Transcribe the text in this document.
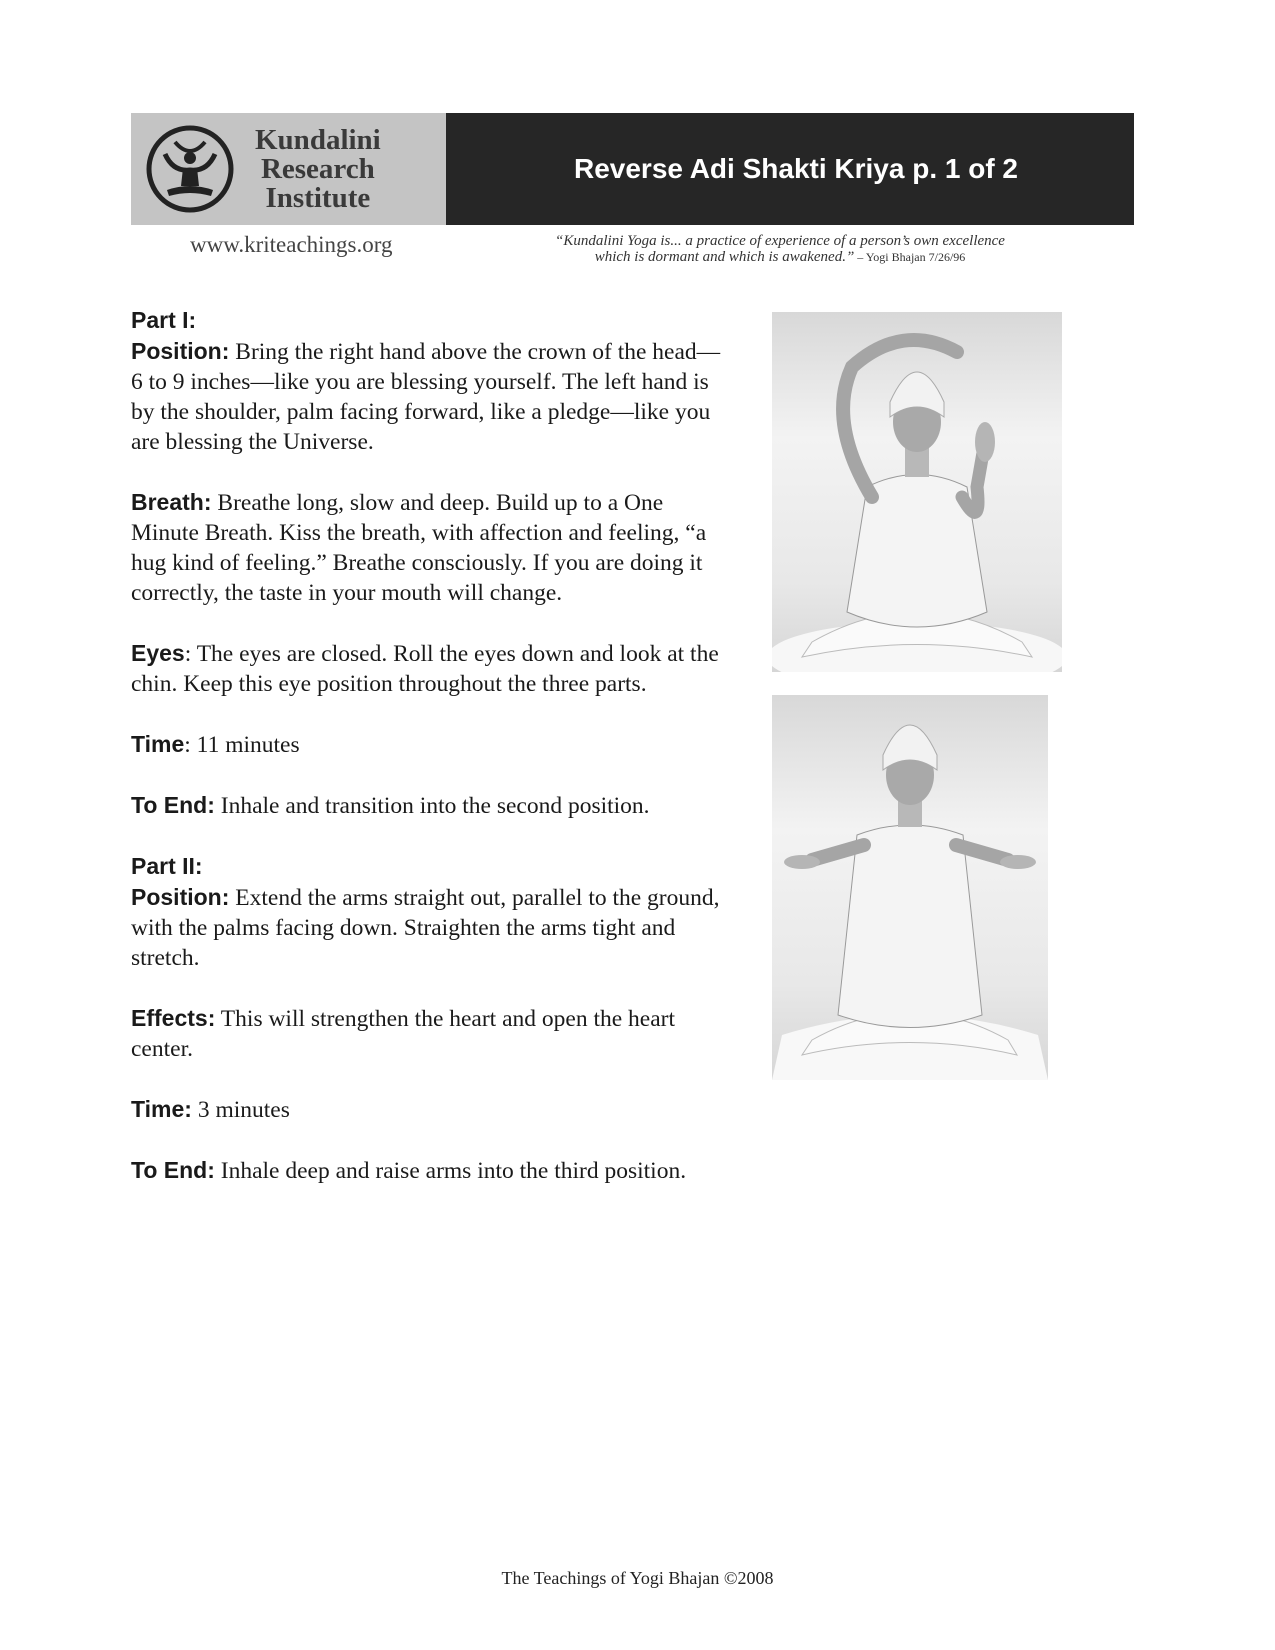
Kundalini
Research
Institute
Reverse Adi Shakti Kriya p. 1 of 2
www.kriteachings.org	“Kundalini Yoga is... a practice of experience of a person’s own excellence
which is dormant and which is awakened.” – Yogi Bhajan 7/26/96

Part I:

Position: Bring the right hand above the crown of the head—6 to 9 inches—like you are blessing yourself. The left hand is by the shoulder, palm facing forward, like a pledge—like you are blessing the Universe.

Breath: Breathe long, slow and deep. Build up to a One Minute Breath. Kiss the breath, with affection and feeling, “a hug kind of feeling.” Breathe consciously. If you are doing it correctly, the taste in your mouth will change.

Eyes: The eyes are closed. Roll the eyes down and look at the chin. Keep this eye position throughout the three parts.

Time: 11 minutes

To End: Inhale and transition into the second position.

Part II:

Position: Extend the arms straight out, parallel to the ground, with the palms facing down. Straighten the arms tight and stretch.

Effects: This will strengthen the heart and open the heart center.

Time: 3 minutes

To End: Inhale deep and raise arms into the third position.

The Teachings of Yogi Bhajan ©2008
